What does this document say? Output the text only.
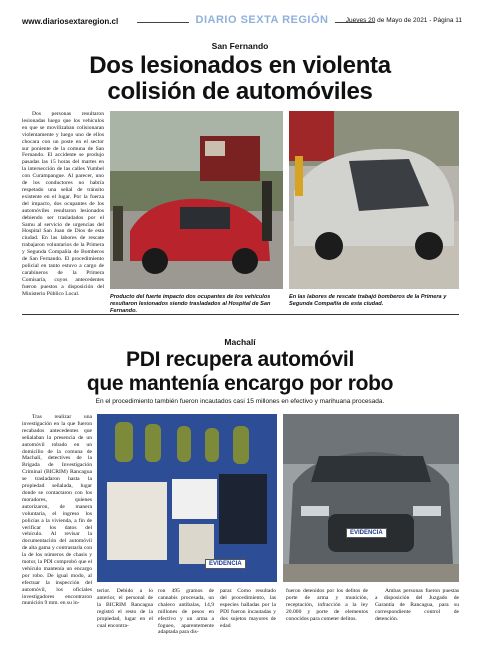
www.diariosextaregion.cl	DIARIO SEXTA REGIÓN	Jueves 20 de Mayo de 2021 - Página 11
San Fernando
Dos lesionados en violenta
colisión de automóviles

Dos personas resultaron lesionadas luego que los vehículos en que se movilizaban colisionaran violentamente y luego uno de ellos chocara con un poste en el sector sur poniente de la comuna de San Fernando. El accidente se produjo pasadas las 15 horas del martes en la intersección de las calles Yumbel con Curampangue. Al parecer, uno de los conductores no habría respetado una señal de tránsito existente en el lugar. Por la fuerza del impacto, dos ocupantes de los automóviles resultaron lesionados debiendo ser trasladados por el Samu al servicio de urgencias del Hospital San Juan de Dios de esta ciudad. En las labores de rescate trabajaron voluntarios de la Primera y Segunda Compañía de Bomberos de San Fernando. El procedimiento policial en tanto estuvo a cargo de carabineros de la Primera Comisaría, cuyos antecedentes fueron puestos a disposición del Ministerio Público Local.

Producto del fuerte impacto dos ocupantes de los vehículos resultaron lesionados siendo trasladados al Hospital de San Fernando.
En las labores de rescate trabajó bomberos de la Primera y Segunda Compañía de esta ciudad.
Machalí
PDI recupera automóvil
que mantenía encargo por robo
En el procedimiento también fueron incautados casi 15 millones en efectivo y marihuana procesada.

Tras realizar una investigación en la que fueron recabados antecedentes que señalaban la presencia de un automóvil robado en un domicilio de la comuna de Machalí, detectives de la Brigada de Investigación Criminal (BICRIM) Rancagua se trasladaron hasta la propiedad señalada, lugar donde se contactaron con los moradores, quienes autorizaron, de manera voluntaria, el ingreso los policías a la vivienda, a fin de verificar los datos del vehículo. Al revisar la documentación del automóvil de alta gama y contrastarla con la de los números de chasis y motor, la PDI comprobó que el vehículo mantenía un encargo por robo. De igual modo, al efectuar la inspección del automóvil, los oficiales investigadores encontraron munición 9 mm. en su in-

EVIDENCIA
EVIDENCIA

terior. Debido a lo anterior, el personal de la BICRIM Rancagua registró el resto de la propiedad, lugar en el cual encontra-

ron 495 gramos de cannabis procesada, un chaleco antibalas, 14,9 millones de pesos en efectivo y un arma a fogueo, aparentemente adaptada para dis-

parar. Como resultado del procedimiento, las especies halladas por la PDI fueron incautadas y dos sujetos mayores de edad

fueron detenidos por los delitos de porte de arma y munición, receptación, infracción a la ley 20.000 y porte de elementos conocidos para cometer delitos.

Ambas personas fueron puestas a disposición del Juzgado de Garantía de Rancagua, para su correspondiente control de detención.
